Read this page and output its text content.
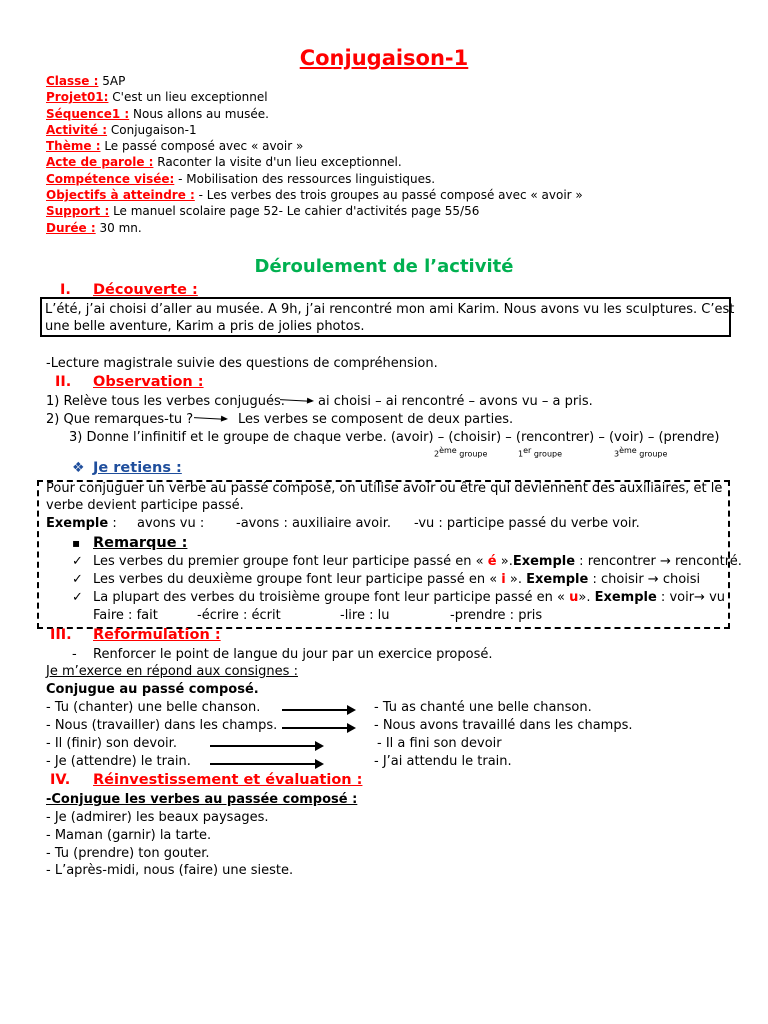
Conjugaison-1
Classe : 5AP
Projet01: C'est un lieu exceptionnel
Séquence1 : Nous allons au musée.
Activité : Conjugaison-1
Thème : Le passé composé avec « avoir »
Acte de parole : Raconter la visite d'un lieu exceptionnel.
Compétence visée: - Mobilisation des ressources linguistiques.
Objectifs à atteindre : - Les verbes des trois groupes au passé composé avec « avoir »
Support : Le manuel scolaire page 52- Le cahier d'activités page 55/56
Durée : 30 mn.
Déroulement de l’activité
I. Découverte :
L’été, j’ai choisi d’aller au musée. A 9h, j’ai rencontré mon ami Karim. Nous avons vu les sculptures. C’est
une belle aventure, Karim a pris de jolies photos.
-Lecture magistrale suivie des questions de compréhension.
II. Observation :
1) Relève tous les verbes conjugués.	ai choisi – ai rencontré – avons vu – a pris.
2) Que remarques-tu ?	Les verbes se composent de deux parties.
3) Donne l’infinitif et le groupe de chaque verbe. (avoir) – (choisir) – (rencontrer) – (voir) – (prendre)
2ème groupe	1er groupe	3ème groupe
❖ Je retiens :
Pour conjuguer un verbe au passé composé, on utilise avoir ou être qui deviennent des auxiliaires, et le
verbe devient participe passé.
Exemple : avons vu : -avons : auxiliaire avoir. -vu : participe passé du verbe voir.
▪ Remarque :
✓ Les verbes du premier groupe font leur participe passé en « é ».Exemple : rencontrer → rencontré.
✓ Les verbes du deuxième groupe font leur participe passé en « i ». Exemple : choisir → choisi
✓ La plupart des verbes du troisième groupe font leur participe passé en « u». Exemple : voir→ vu
Faire : fait	-écrire : écrit	-lire : lu	-prendre : pris
III. Reformulation :
- Renforcer le point de langue du jour par un exercice proposé.
Je m’exerce en répond aux consignes :
Conjugue au passé composé.
- Tu (chanter) une belle chanson.	- Tu as chanté une belle chanson.
- Nous (travailler) dans les champs.	- Nous avons travaillé dans les champs.
- Il (finir) son devoir.	- Il a fini son devoir
- Je (attendre) le train.	- J’ai attendu le train.
IV. Réinvestissement et évaluation :
-Conjugue les verbes au passée composé :
- Je (admirer) les beaux paysages.
- Maman (garnir) la tarte.
- Tu (prendre) ton gouter.
- L’après-midi, nous (faire) une sieste.
